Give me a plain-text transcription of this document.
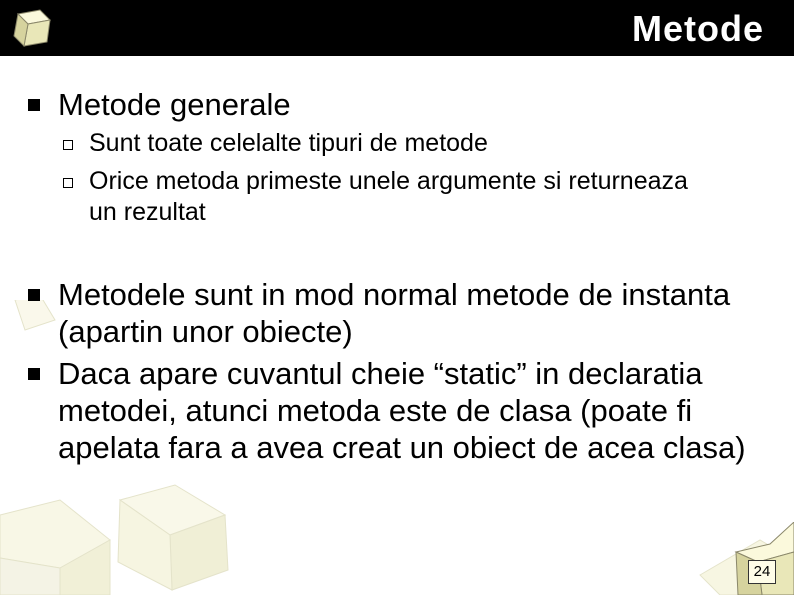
Metode
Metode generale
Sunt toate celelalte tipuri de metode
Orice metoda primeste unele argumente si returneaza un rezultat
Metodele sunt in mod normal metode de instanta (apartin unor obiecte)
Daca apare cuvantul cheie “static” in declaratia metodei, atunci metoda este de clasa (poate fi apelata fara a avea creat un obiect de acea clasa)
24
